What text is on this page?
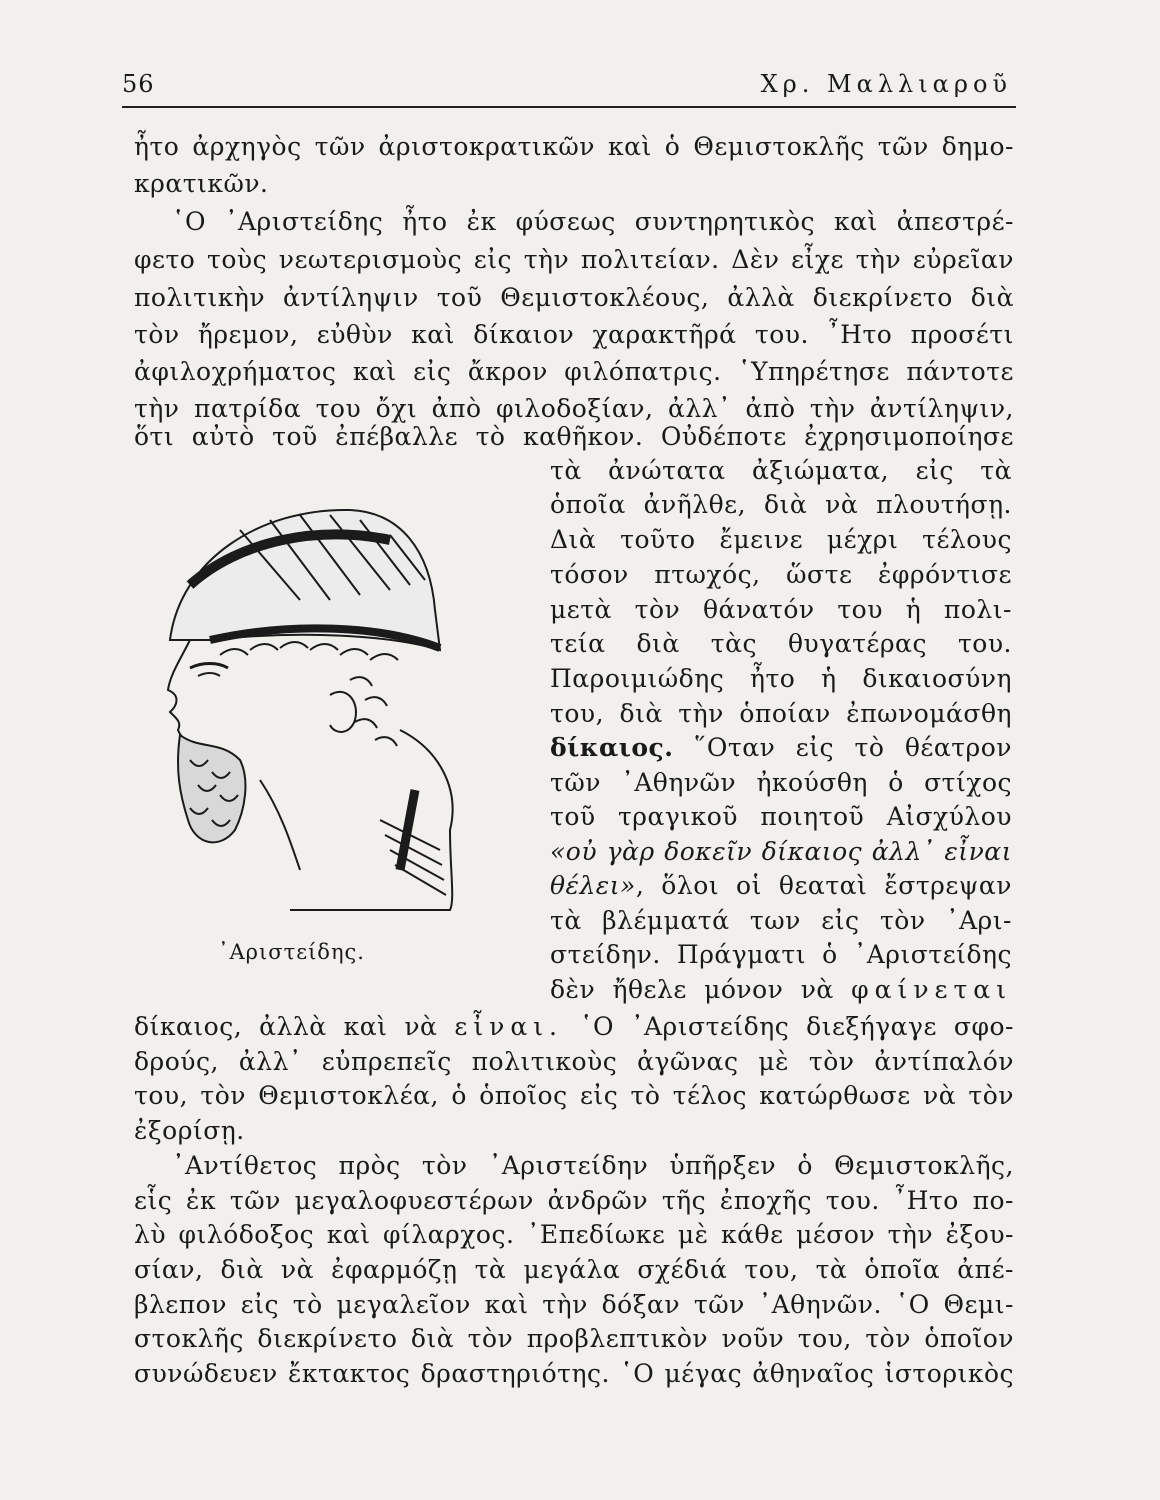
56	Χρ. Μαλλιαροῦ
ἦτο ἀρχηγὸς τῶν ἀριστοκρατικῶν καὶ ὁ Θεμιστοκλῆς τῶν δημο-
κρατικῶν.
῾Ο ᾿Αριστείδης ἦτο ἐκ φύσεως συντηρητικὸς καὶ ἀπεστρέ-
φετο τοὺς νεωτερισμοὺς εἰς τὴν πολιτείαν. Δὲν εἶχε τὴν εὐρεῖαν
πολιτικὴν ἀντίληψιν τοῦ Θεμιστοκλέους, ἀλλὰ διεκρίνετο διὰ
τὸν ἤρεμον, εὐθὺν καὶ δίκαιον χαρακτῆρά του. ῏Ητο προσέτι
ἀφιλοχρήματος καὶ εἰς ἄκρον φιλόπατρις. ῾Υπηρέτησε πάντοτε
τὴν πατρίδα του ὄχι ἀπὸ φιλοδοξίαν, ἀλλ᾿ ἀπὸ τὴν ἀντίληψιν,
ὅτι αὐτὸ τοῦ ἐπέβαλλε τὸ καθῆκον. Οὐδέποτε ἐχρησιμοποίησε
τὰ ἀνώτατα ἀξιώματα, εἰς τὰ
ὁποῖα ἀνῆλθε, διὰ νὰ πλουτήσῃ.
Διὰ τοῦτο ἔμεινε μέχρι τέλους
τόσον πτωχός, ὥστε ἐφρόντισε
μετὰ τὸν θάνατόν του ἡ πολι-
τεία διὰ τὰς θυγατέρας του.
Παροιμιώδης ἦτο ἡ δικαιοσύνη
του, διὰ τὴν ὁποίαν ἐπωνομάσθη
δίκαιος. ῞Οταν εἰς τὸ θέατρον
τῶν ᾿Αθηνῶν ἠκούσθη ὁ στίχος
τοῦ τραγικοῦ ποιητοῦ Αἰσχύλου
«οὐ γὰρ δοκεῖν δίκαιος ἀλλ᾿ εἶναι
θέλει», ὅλοι οἱ θεαταὶ ἔστρεψαν
τὰ βλέμματά των εἰς τὸν ᾿Αρι-
στείδην. Πράγματι ὁ ᾿Αριστείδης
δὲν ἤθελε μόνον νὰ φαίνεται
᾿Αριστείδης.
δίκαιος, ἀλλὰ καὶ νὰ εἶναι. ῾Ο ᾿Αριστείδης διεξήγαγε σφο-
δρούς, ἀλλ᾿ εὐπρεπεῖς πολιτικοὺς ἀγῶνας μὲ τὸν ἀντίπαλόν
του, τὸν Θεμιστοκλέα, ὁ ὁποῖος εἰς τὸ τέλος κατώρθωσε νὰ τὸν
ἐξορίσῃ.
᾿Αντίθετος πρὸς τὸν ᾿Αριστείδην ὑπῆρξεν ὁ Θεμιστοκλῆς,
εἷς ἐκ τῶν μεγαλοφυεστέρων ἀνδρῶν τῆς ἐποχῆς του. ῏Ητο πο-
λὺ φιλόδοξος καὶ φίλαρχος. ᾿Επεδίωκε μὲ κάθε μέσον τὴν ἐξου-
σίαν, διὰ νὰ ἐφαρμόζῃ τὰ μεγάλα σχέδιά του, τὰ ὁποῖα ἀπέ-
βλεπον εἰς τὸ μεγαλεῖον καὶ τὴν δόξαν τῶν ᾿Αθηνῶν. ῾Ο Θεμι-
στοκλῆς διεκρίνετο διὰ τὸν προβλεπτικὸν νοῦν του, τὸν ὁποῖον
συνώδευεν ἔκτακτος δραστηριότης. ῾Ο μέγας ἀθηναῖος ἱστορικὸς
